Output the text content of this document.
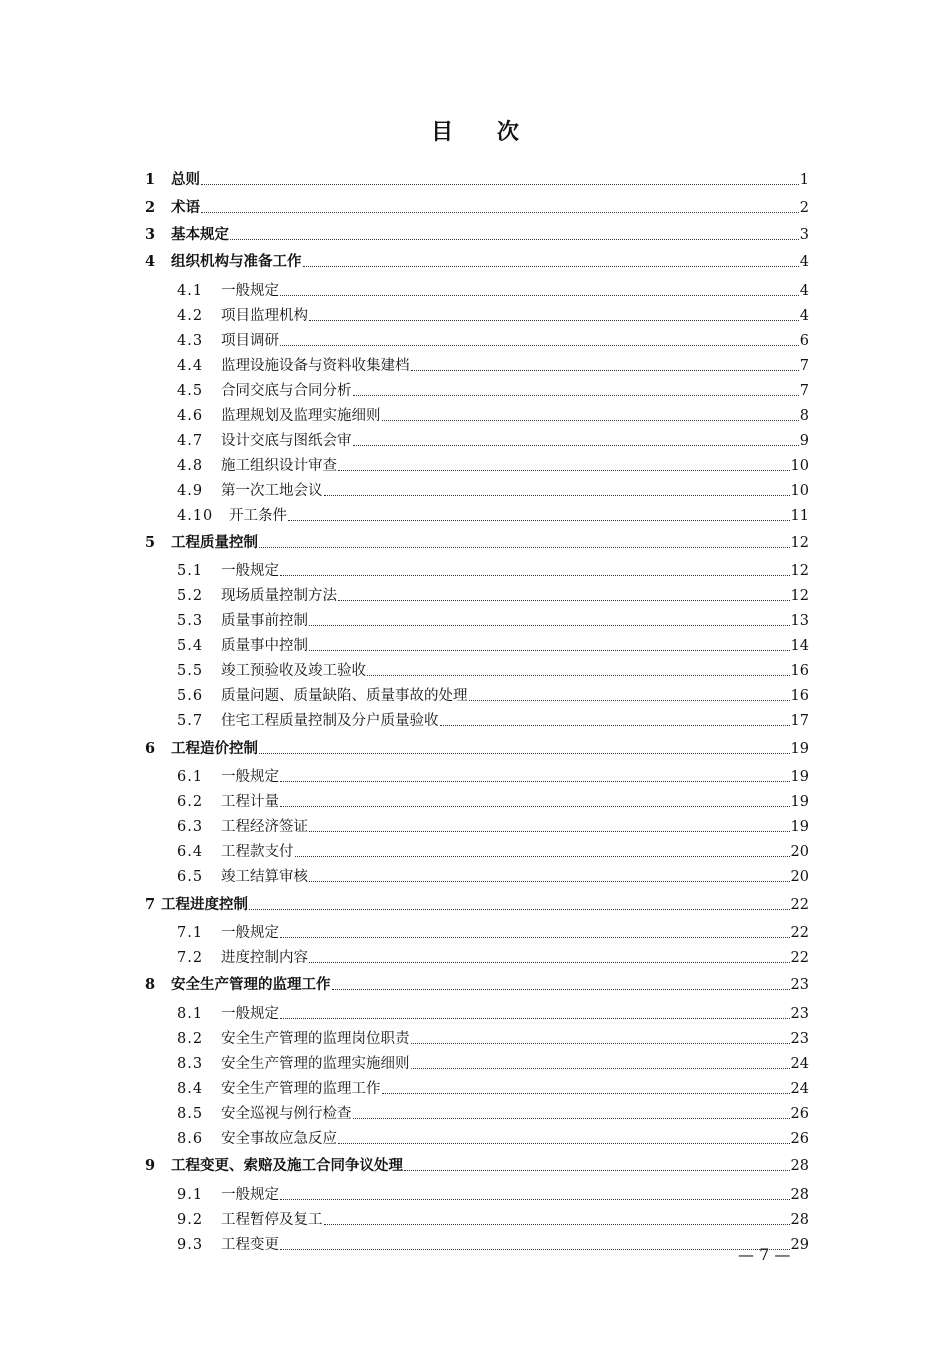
目 次
1	总则	1
2	术语	2
3	基本规定	3
4	组织机构与准备工作	4
4.1	一般规定	4
4.2	项目监理机构	4
4.3	项目调研	6
4.4	监理设施设备与资料收集建档	7
4.5	合同交底与合同分析	7
4.6	监理规划及监理实施细则	8
4.7	设计交底与图纸会审	9
4.8	施工组织设计审查	10
4.9	第一次工地会议	10
4.10	开工条件	11
5	工程质量控制	12
5.1	一般规定	12
5.2	现场质量控制方法	12
5.3	质量事前控制	13
5.4	质量事中控制	14
5.5	竣工预验收及竣工验收	16
5.6	质量问题、质量缺陷、质量事故的处理	16
5.7	住宅工程质量控制及分户质量验收	17
6	工程造价控制	19
6.1	一般规定	19
6.2	工程计量	19
6.3	工程经济签证	19
6.4	工程款支付	20
6.5	竣工结算审核	20
7 工程进度控制	22
7.1	一般规定	22
7.2	进度控制内容	22
8	安全生产管理的监理工作	23
8.1	一般规定	23
8.2	安全生产管理的监理岗位职责	23
8.3	安全生产管理的监理实施细则	24
8.4	安全生产管理的监理工作	24
8.5	安全巡视与例行检查	26
8.6	安全事故应急反应	26
9	工程变更、索赔及施工合同争议处理	28
9.1	一般规定	28
9.2	工程暂停及复工	28
9.3	工程变更	29
— 7 —
